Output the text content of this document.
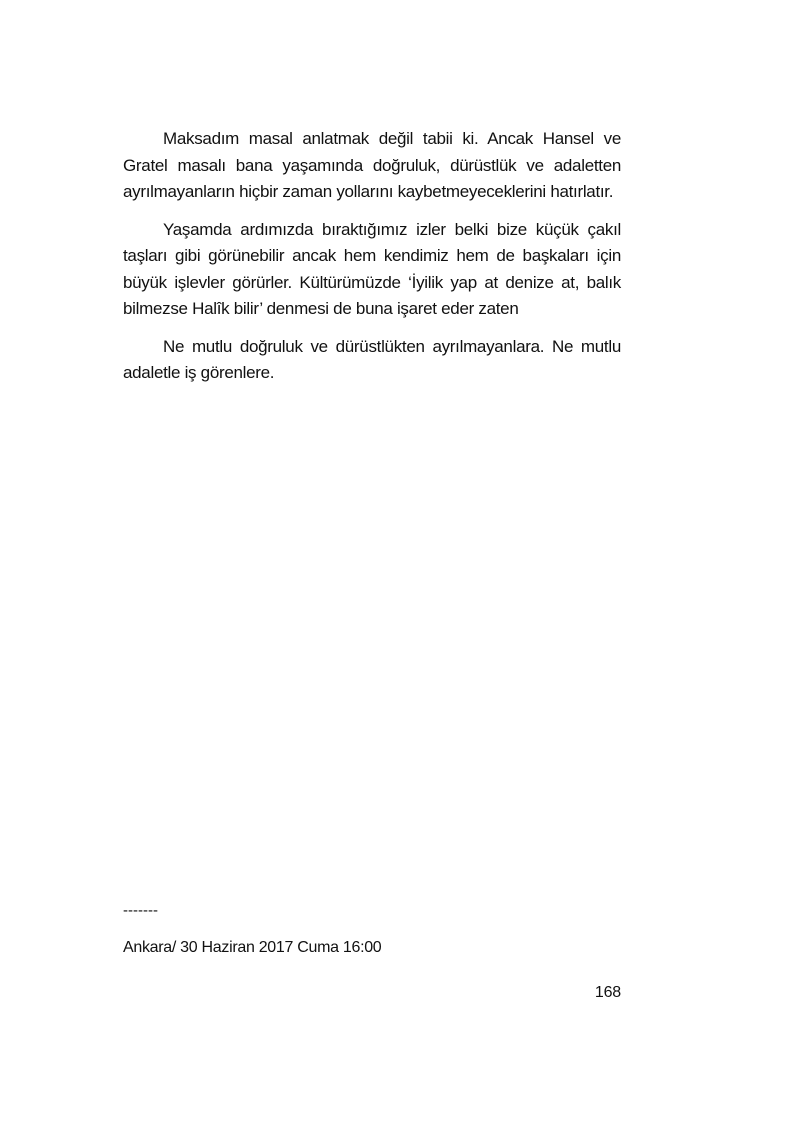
Maksadım masal anlatmak değil tabii ki. Ancak Hansel ve Gratel masalı bana yaşamında doğruluk, dürüstlük ve adaletten ayrılmayanların hiçbir zaman yollarını kaybetmeyeceklerini hatırlatır.

Yaşamda ardımızda bıraktığımız izler belki bize küçük çakıl taşları gibi görünebilir ancak hem kendimiz hem de başkaları için büyük işlevler görürler. Kültürümüzde ‘İyilik yap at denize at, balık bilmezse Halîk bilir’ denmesi de buna işaret eder zaten

Ne mutlu doğruluk ve dürüstlükten ayrılmayanlara. Ne mutlu adaletle iş görenlere.

-------
Ankara/ 30 Haziran 2017 Cuma 16:00
168
